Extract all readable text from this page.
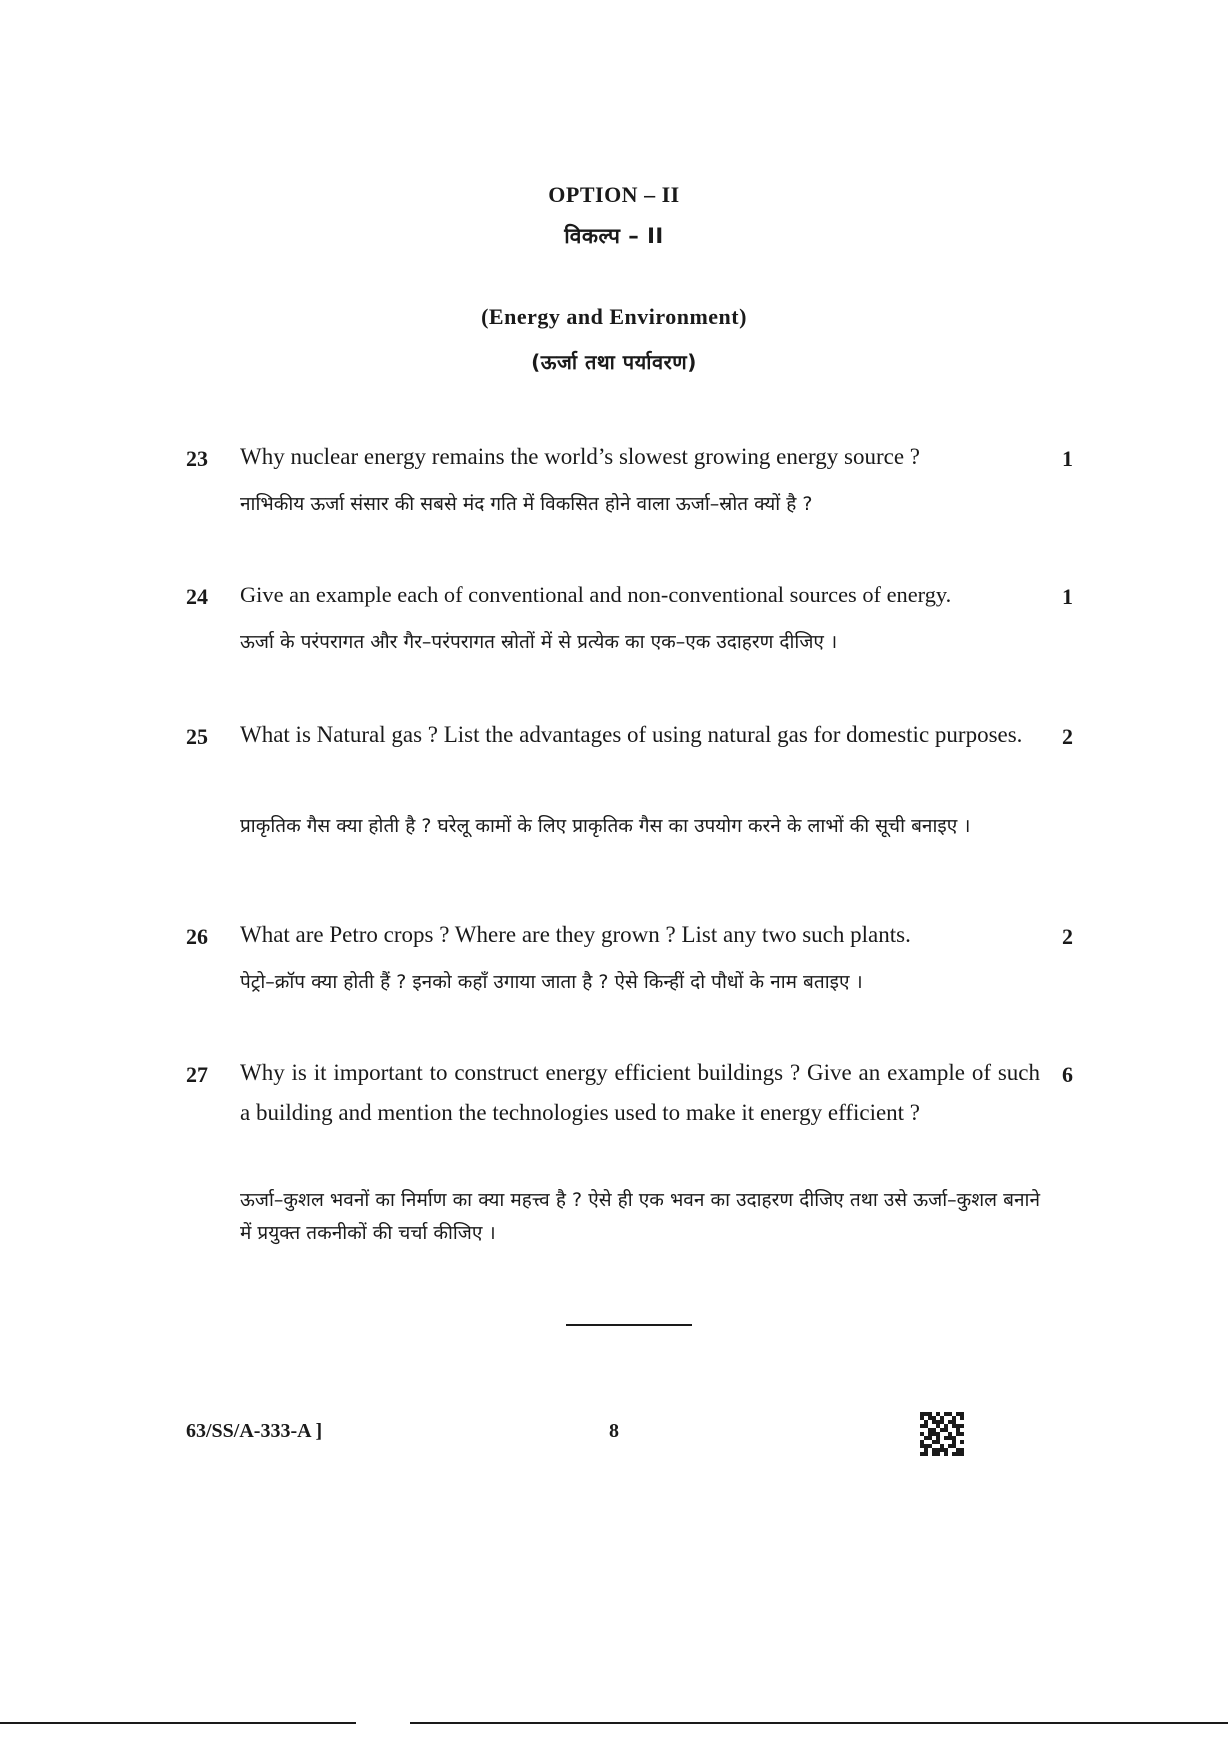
OPTION – II
विकल्प – II
(Energy and Environment)
(ऊर्जा तथा पर्यावरण)
23 Why nuclear energy remains the world’s slowest growing energy source ?
नाभिकीय ऊर्जा संसार की सबसे मंद गति में विकसित होने वाला ऊर्जा–स्रोत क्यों है ?
1
24 Give an example each of conventional and non-conventional sources of energy.
ऊर्जा के परंपरागत और गैर–परंपरागत स्रोतों में से प्रत्येक का एक–एक उदाहरण दीजिए ।
1
25 What is Natural gas ? List the advantages of using natural gas for domestic purposes.
प्राकृतिक गैस क्या होती है ? घरेलू कामों के लिए प्राकृतिक गैस का उपयोग करने के लाभों की सूची बनाइए ।
2
26 What are Petro crops ? Where are they grown ? List any two such plants.
पेट्रो–क्रॉप क्या होती हैं ? इनको कहाँ उगाया जाता है ? ऐसे किन्हीं दो पौधों के नाम बताइए ।
2
27 Why is it important to construct energy efficient buildings ? Give an example of such a building and mention the technologies used to make it energy efficient ?
ऊर्जा–कुशल भवनों का निर्माण का क्या महत्त्व है ? ऐसे ही एक भवन का उदाहरण दीजिए तथा उसे ऊर्जा–कुशल बनाने में प्रयुक्त तकनीकों की चर्चा कीजिए ।
6
63/SS/A-333-A ]	8
